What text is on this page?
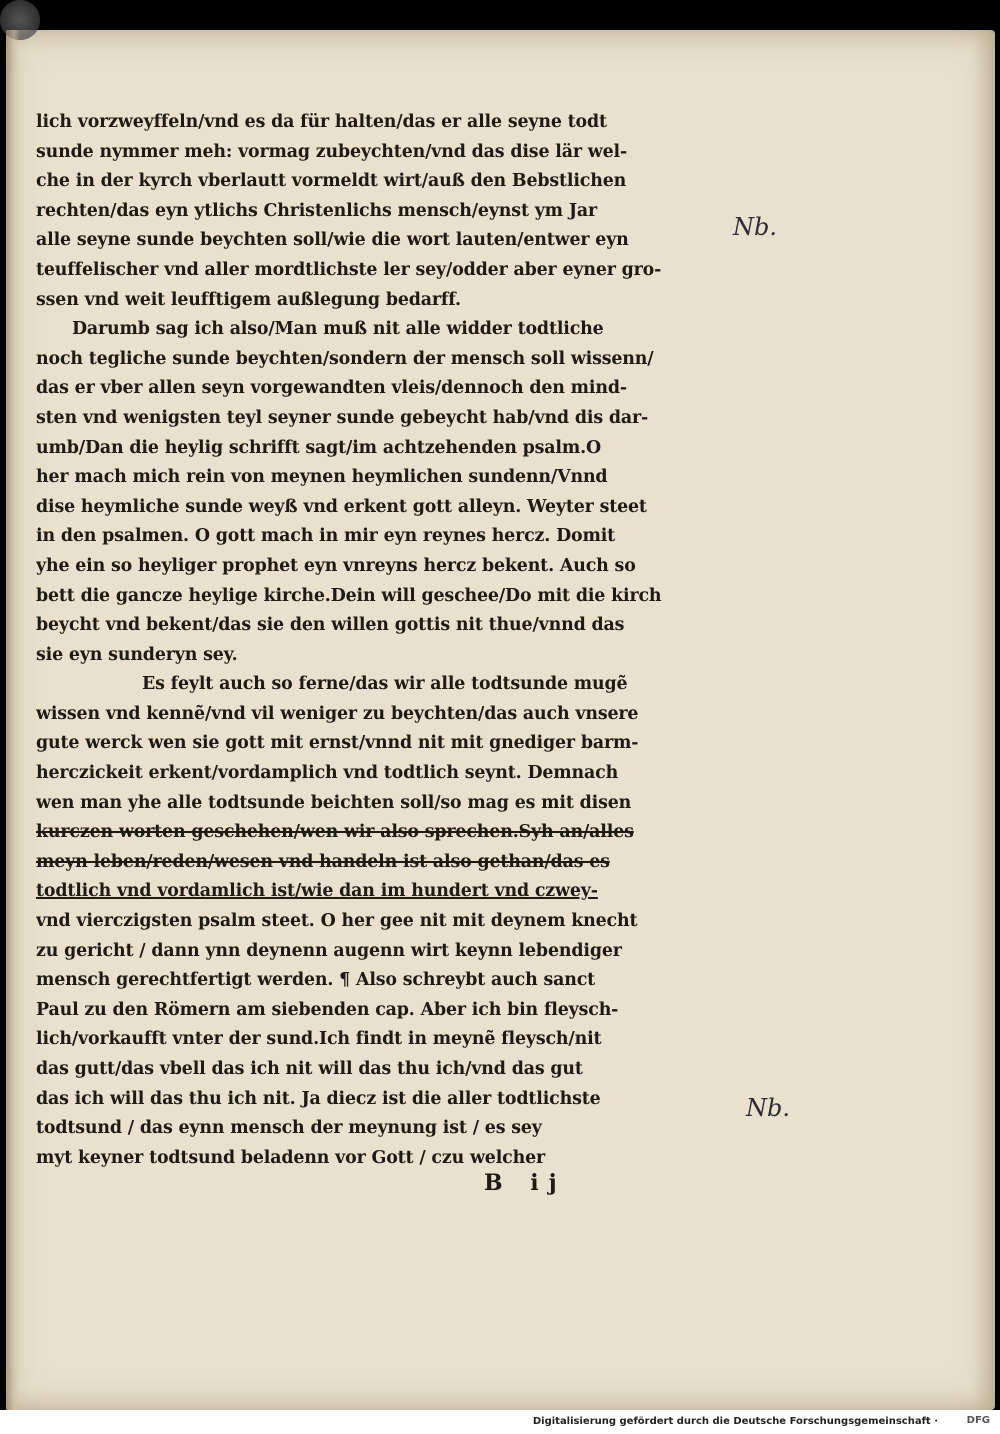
lich vorzweyffeln/vnd es da für halten/das er alle seyne todt
sunde nymmer meh: vormag zubeychten/vnd das dise lär wel-
che in der kyrch vberlautt vormeldt wirt/auß den Bebstlichen
rechten/das eyn ytlichs Christenlichs mensch/eynst ym Jar
alle seyne sunde beychten soll/wie die wort lauten/entwer eyn
teuffelischer vnd aller mordtlichste ler sey/odder aber eyner gro-
ssen vnd weit leufftigem außlegung bedarff.
Darumb sag ich also/Man muß nit alle widder todtliche
noch tegliche sunde beychten/sondern der mensch soll wissenn/
das er vber allen seyn vorgewandten vleis/dennoch den mind-
sten vnd wenigsten teyl seyner sunde gebeycht hab/vnd dis dar-
umb/Dan die heylig schrifft sagt/im achtzehenden psalm.O
her mach mich rein von meynen heymlichen sundenn/Vnnd
dise heymliche sunde weyß vnd erkent gott alleyn. Weyter steet
in den psalmen. O gott mach in mir eyn reynes hercz. Domit
yhe ein so heyliger prophet eyn vnreyns hercz bekent. Auch so
bett die gancze heylige kirche.Dein will geschee/Do mit die kirch
beycht vnd bekent/das sie den willen gottis nit thue/vnnd das
sie eyn sunderyn sey.
Es feylt auch so ferne/das wir alle todtsunde mugẽ
wissen vnd kennẽ/vnd vil weniger zu beychten/das auch vnsere
gute werck wen sie gott mit ernst/vnnd nit mit gnediger barm-
herczickeit erkent/vordamplich vnd todtlich seynt. Demnach
wen man yhe alle todtsunde beichten soll/so mag es mit disen
kurczen worten geschehen/wen wir also sprechen.Syh an/alles
meyn leben/reden/wesen vnd handeln ist also gethan/das es
todtlich vnd vordamlich ist/wie dan im hundert vnd czwey-
vnd vierczigsten psalm steet. O her gee nit mit deynem knecht
zu gericht / dann ynn deynenn augenn wirt keynn lebendiger
mensch gerechtfertigt werden. ¶ Also schreybt auch sanct
Paul zu den Römern am siebenden cap. Aber ich bin fleysch-
lich/vorkaufft vnter der sund.Ich findt in meynẽ fleysch/nit
das gutt/das vbell das ich nit will das thu ich/vnd das gut
das ich will das thu ich nit. Ja diecz ist die aller todtlichste
todtsund / das eynn mensch der meynung ist / es sey
myt keyner todtsund beladenn vor Gott / czu welcher
B ij
Nb.
Nb.
Digitalisierung gefördert durch die Deutsche Forschungsgemeinschaft ·	DFG
